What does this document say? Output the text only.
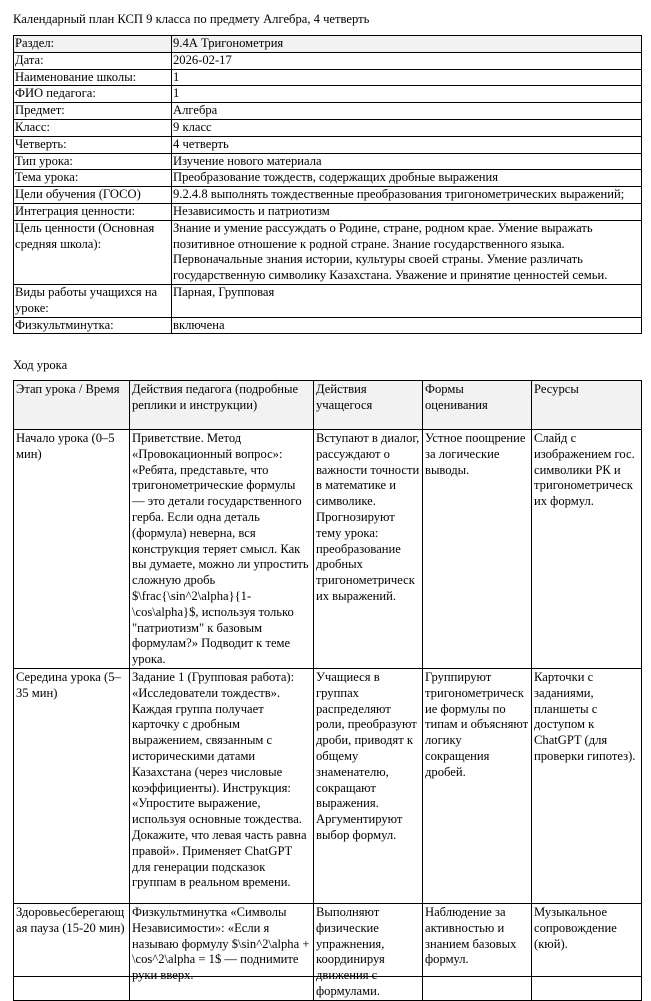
Календарный план КСП 9 класса по предмету Алгебра, 4 четверть
Раздел:	9.4А Тригонометрия
Дата:	2026-02-17
Наименование школы:	1
ФИО педагога:	1
Предмет:	Алгебра
Класс:	9 класс
Четверть:	4 четверть
Тип урока:	Изучение нового материала
Тема урока:	Преобразование тождеств, содержащих дробные выражения
Цели обучения (ГОСО)	9.2.4.8 выполнять тождественные преобразования тригонометрических выражений;
Интеграция ценности:	Независимость и патриотизм
Цель ценности (Основная средняя школа):	Знание и умение рассуждать о Родине, стране, родном крае. Умение выражать позитивное отношение к родной стране. Знание государственного языка. Первоначальные знания истории, культуры своей страны. Умение различать государственную символику Казахстана. Уважение и принятие ценностей семьи.
Виды работы учащихся на уроке:	Парная, Групповая
Физкультминутка:	включена
Ход урока
Этап урока / Время	Действия педагога (подробные реплики и инструкции)	Действия учащегося	Формы оценивания	Ресурсы
Начало урока (0–5 мин)	Приветствие. Метод «Провокационный вопрос»: «Ребята, представьте, что тригонометрические формулы — это детали государственного герба. Если одна деталь (формула) неверна, вся конструкция теряет смысл. Как вы думаете, можно ли упростить сложную дробь $\frac{\sin^2\alpha}{1-\cos\alpha}$, используя только "патриотизм" к базовым формулам?» Подводит к теме урока.	Вступают в диалог, рассуждают о важности точности в математике и символике. Прогнозируют тему урока: преобразование дробных тригонометрических выражений.	Устное поощрение за логические выводы.	Слайд с изображением гос. символики РК и тригонометрических формул.
Середина урока (5–35 мин)	Задание 1 (Групповая работа): «Исследователи тождеств». Каждая группа получает карточку с дробным выражением, связанным с историческими датами Казахстана (через числовые коэффициенты). Инструкция: «Упростите выражение, используя основные тождества. Докажите, что левая часть равна правой». Применяет ChatGPT для генерации подсказок группам в реальном времени.	Учащиеся в группах распределяют роли, преобразуют дроби, приводят к общему знаменателю, сокращают выражения. Аргументируют выбор формул.	Группируют тригонометрические формулы по типам и объясняют логику сокращения дробей.	Карточки с заданиями, планшеты с доступом к ChatGPT (для проверки гипотез).
Здоровьесберегающая пауза (15-20 мин)	Физкультминутка «Символы Независимости»: «Если я называю формулу $\sin^2\alpha + \cos^2\alpha = 1$ — поднимите руки вверх.	Выполняют физические упражнения, координируя движения с формулами.	Наблюдение за активностью и знанием базовых формул.	Музыкальное сопровождение (кюй).
